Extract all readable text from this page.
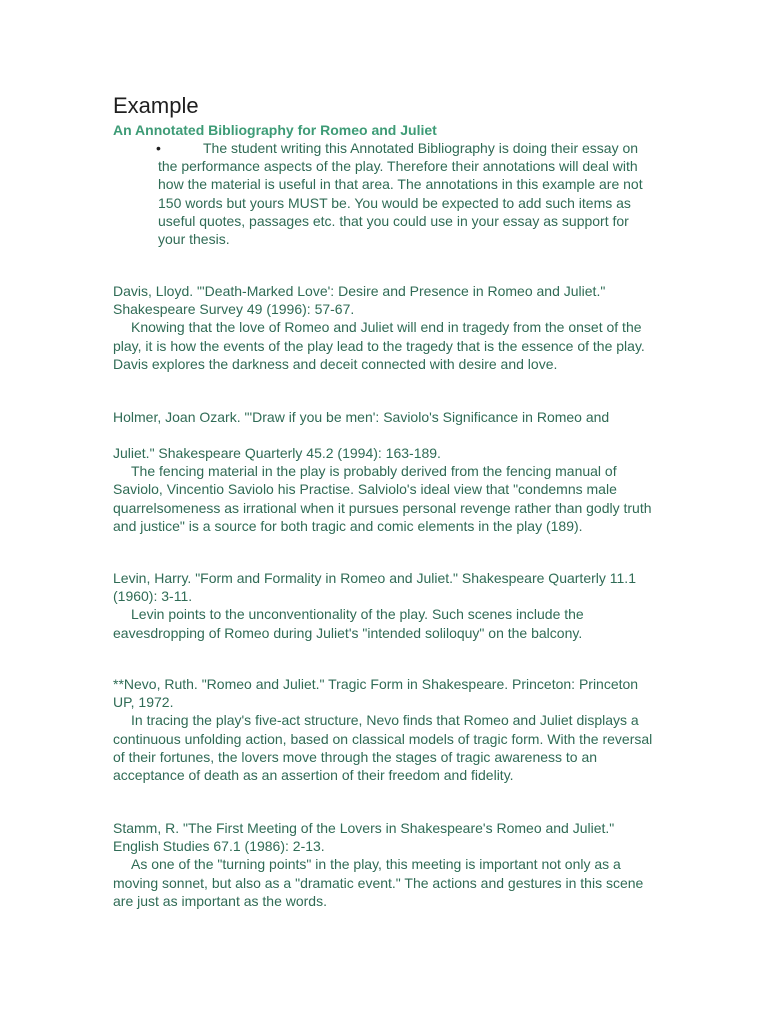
Example

An Annotated Bibliography for Romeo and Juliet

•	The student writing this Annotated Bibliography is doing their essay on the performance aspects of the play. Therefore their annotations will deal with how the material is useful in that area. The annotations in this example are not 150 words but yours MUST be. You would be expected to add such items as useful quotes, passages etc. that you could use in your essay as support for your thesis.

Davis, Lloyd. "'Death-Marked Love': Desire and Presence in Romeo and Juliet." Shakespeare Survey 49 (1996): 57-67.
Knowing that the love of Romeo and Juliet will end in tragedy from the onset of the play, it is how the events of the play lead to the tragedy that is the essence of the play. Davis explores the darkness and deceit connected with desire and love.

Holmer, Joan Ozark. "'Draw if you be men': Saviolo's Significance in Romeo and

Juliet." Shakespeare Quarterly 45.2 (1994): 163-189.
The fencing material in the play is probably derived from the fencing manual of Saviolo, Vincentio Saviolo his Practise. Salviolo's ideal view that "condemns male quarrelsomeness as irrational when it pursues personal revenge rather than godly truth and justice" is a source for both tragic and comic elements in the play (189).

Levin, Harry. "Form and Formality in Romeo and Juliet." Shakespeare Quarterly 11.1 (1960): 3-11.
Levin points to the unconventionality of the play. Such scenes include the eavesdropping of Romeo during Juliet's "intended soliloquy" on the balcony.

**Nevo, Ruth. "Romeo and Juliet." Tragic Form in Shakespeare. Princeton: Princeton UP, 1972.
In tracing the play's five-act structure, Nevo finds that Romeo and Juliet displays a continuous unfolding action, based on classical models of tragic form. With the reversal of their fortunes, the lovers move through the stages of tragic awareness to an acceptance of death as an assertion of their freedom and fidelity.

Stamm, R. "The First Meeting of the Lovers in Shakespeare's Romeo and Juliet." English Studies 67.1 (1986): 2-13.
As one of the "turning points" in the play, this meeting is important not only as a moving sonnet, but also as a "dramatic event." The actions and gestures in this scene are just as important as the words.
